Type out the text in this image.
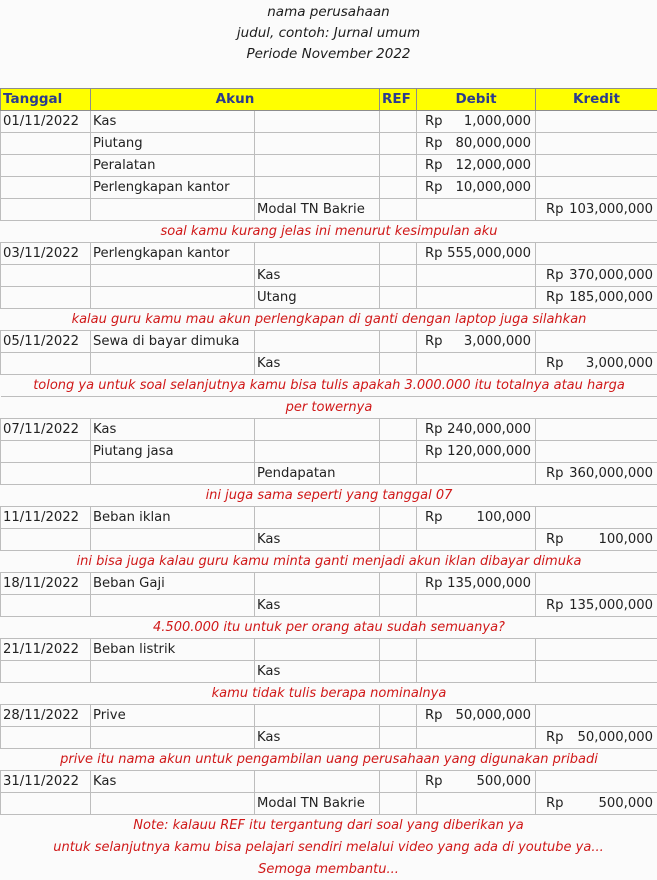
nama perusahaan
judul, contoh: Jurnal umum
Periode November 2022
Tanggal	Akun		REF	Debit	Kredit
01/11/2022	Kas			Rp 1,000,000	

	Piutang			Rp 80,000,000	

	Peralatan			Rp 12,000,000	

	Perlengkapan kantor			Rp 10,000,000	

		Modal TN Bakrie			Rp 103,000,000

soal kamu kurang jelas ini menurut kesimpulan aku					
03/11/2022	Perlengkapan kantor			Rp 555,000,000	

		Kas			Rp 370,000,000

		Utang			Rp 185,000,000

kalau guru kamu mau akun perlengkapan di ganti dengan laptop juga silahkan					
05/11/2022	Sewa di bayar dimuka			Rp 3,000,000	

		Kas			Rp 3,000,000

tolong ya untuk soal selanjutnya kamu bisa tulis apakah 3.000.000 itu totalnya atau harga					
per towernya					
07/11/2022	Kas			Rp 240,000,000	

	Piutang jasa			Rp 120,000,000	

		Pendapatan			Rp 360,000,000

ini juga sama seperti yang tanggal 07					
11/11/2022	Beban iklan			Rp 100,000	

		Kas			Rp 100,000

ini bisa juga kalau guru kamu minta ganti menjadi akun iklan dibayar dimuka					
18/11/2022	Beban Gaji			Rp 135,000,000	

		Kas			Rp 135,000,000

4.500.000 itu untuk per orang atau sudah semuanya?					
21/11/2022	Beban listrik				
		Kas			
kamu tidak tulis berapa nominalnya					
28/11/2022	Prive			Rp 50,000,000	

		Kas			Rp 50,000,000

prive itu nama akun untuk pengambilan uang perusahaan yang digunakan pribadi					
31/11/2022	Kas			Rp 500,000	

		Modal TN Bakrie			Rp 500,000
Note: kalauu REF itu tergantung dari soal yang diberikan ya
untuk selanjutnya kamu bisa pelajari sendiri melalui video yang ada di youtube ya...
Semoga membantu...
